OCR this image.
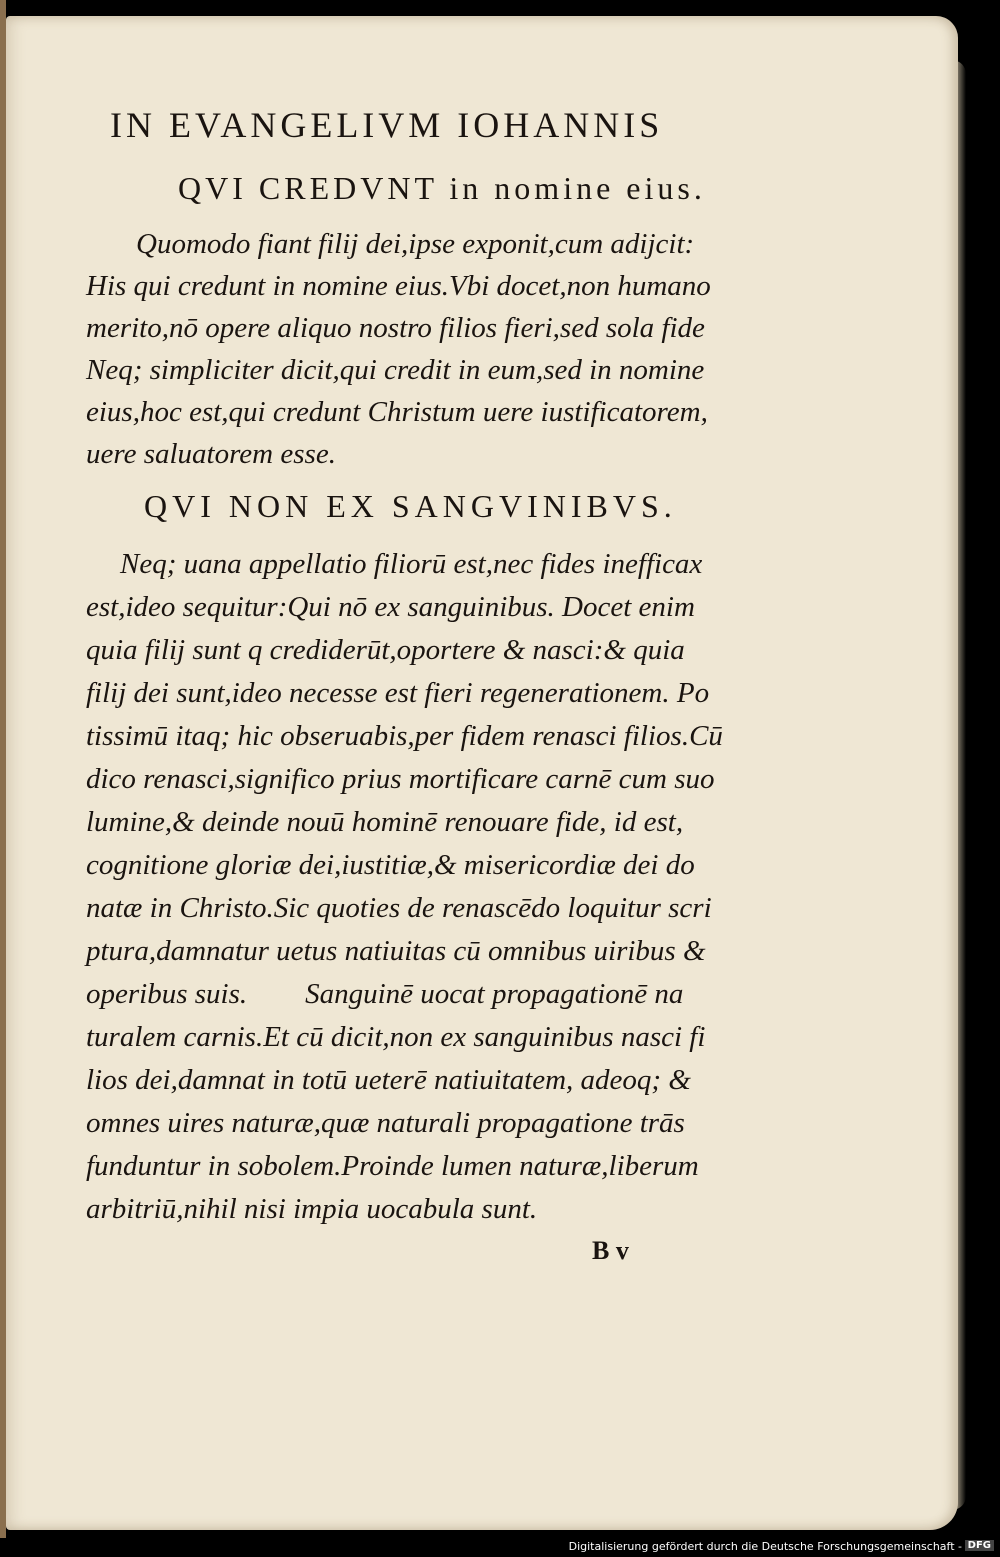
IN EVANGELIVM IOHANNIS
QVI CREDVNT in nomine eius.
Quomodo fiant filij dei,ipse exponit,cum adijcit:
His qui credunt in nomine eius.Vbi docet,non humano
merito,nō opere aliquo nostro filios fieri,sed sola fide
Neq; simpliciter dicit,qui credit in eum,sed in nomine
eius,hoc est,qui credunt Christum uere iustificatorem,
uere saluatorem esse.
QVI NON EX SANGVINIBVS.
Neq; uana appellatio filiorū est,nec fides inefficax
est,ideo sequitur:Qui nō ex sanguinibus. Docet enim
quia filij sunt q crediderūt,oportere & nasci:& quia
filij dei sunt,ideo necesse est fieri regenerationem. Po
tissimū itaq; hic obseruabis,per fidem renasci filios.Cū
dico renasci,significo prius mortificare carnē cum suo
lumine,& deinde nouū hominē renouare fide, id est,
cognitione gloriæ dei,iustitiæ,& misericordiæ dei do
natæ in Christo.Sic quoties de renascēdo loquitur scri
ptura,damnatur uetus natiuitas cū omnibus uiribus &
operibus suis.        Sanguinē uocat propagationē na
turalem carnis.Et cū dicit,non ex sanguinibus nasci fi
lios dei,damnat in totū ueterē natiuitatem, adeoq; &
omnes uires naturæ,quæ naturali propagatione trās
funduntur in sobolem.Proinde lumen naturæ,liberum
arbitriū,nihil nisi impia uocabula sunt.
B v
Digitalisierung gefördert durch die Deutsche Forschungsgemeinschaft - DFG
